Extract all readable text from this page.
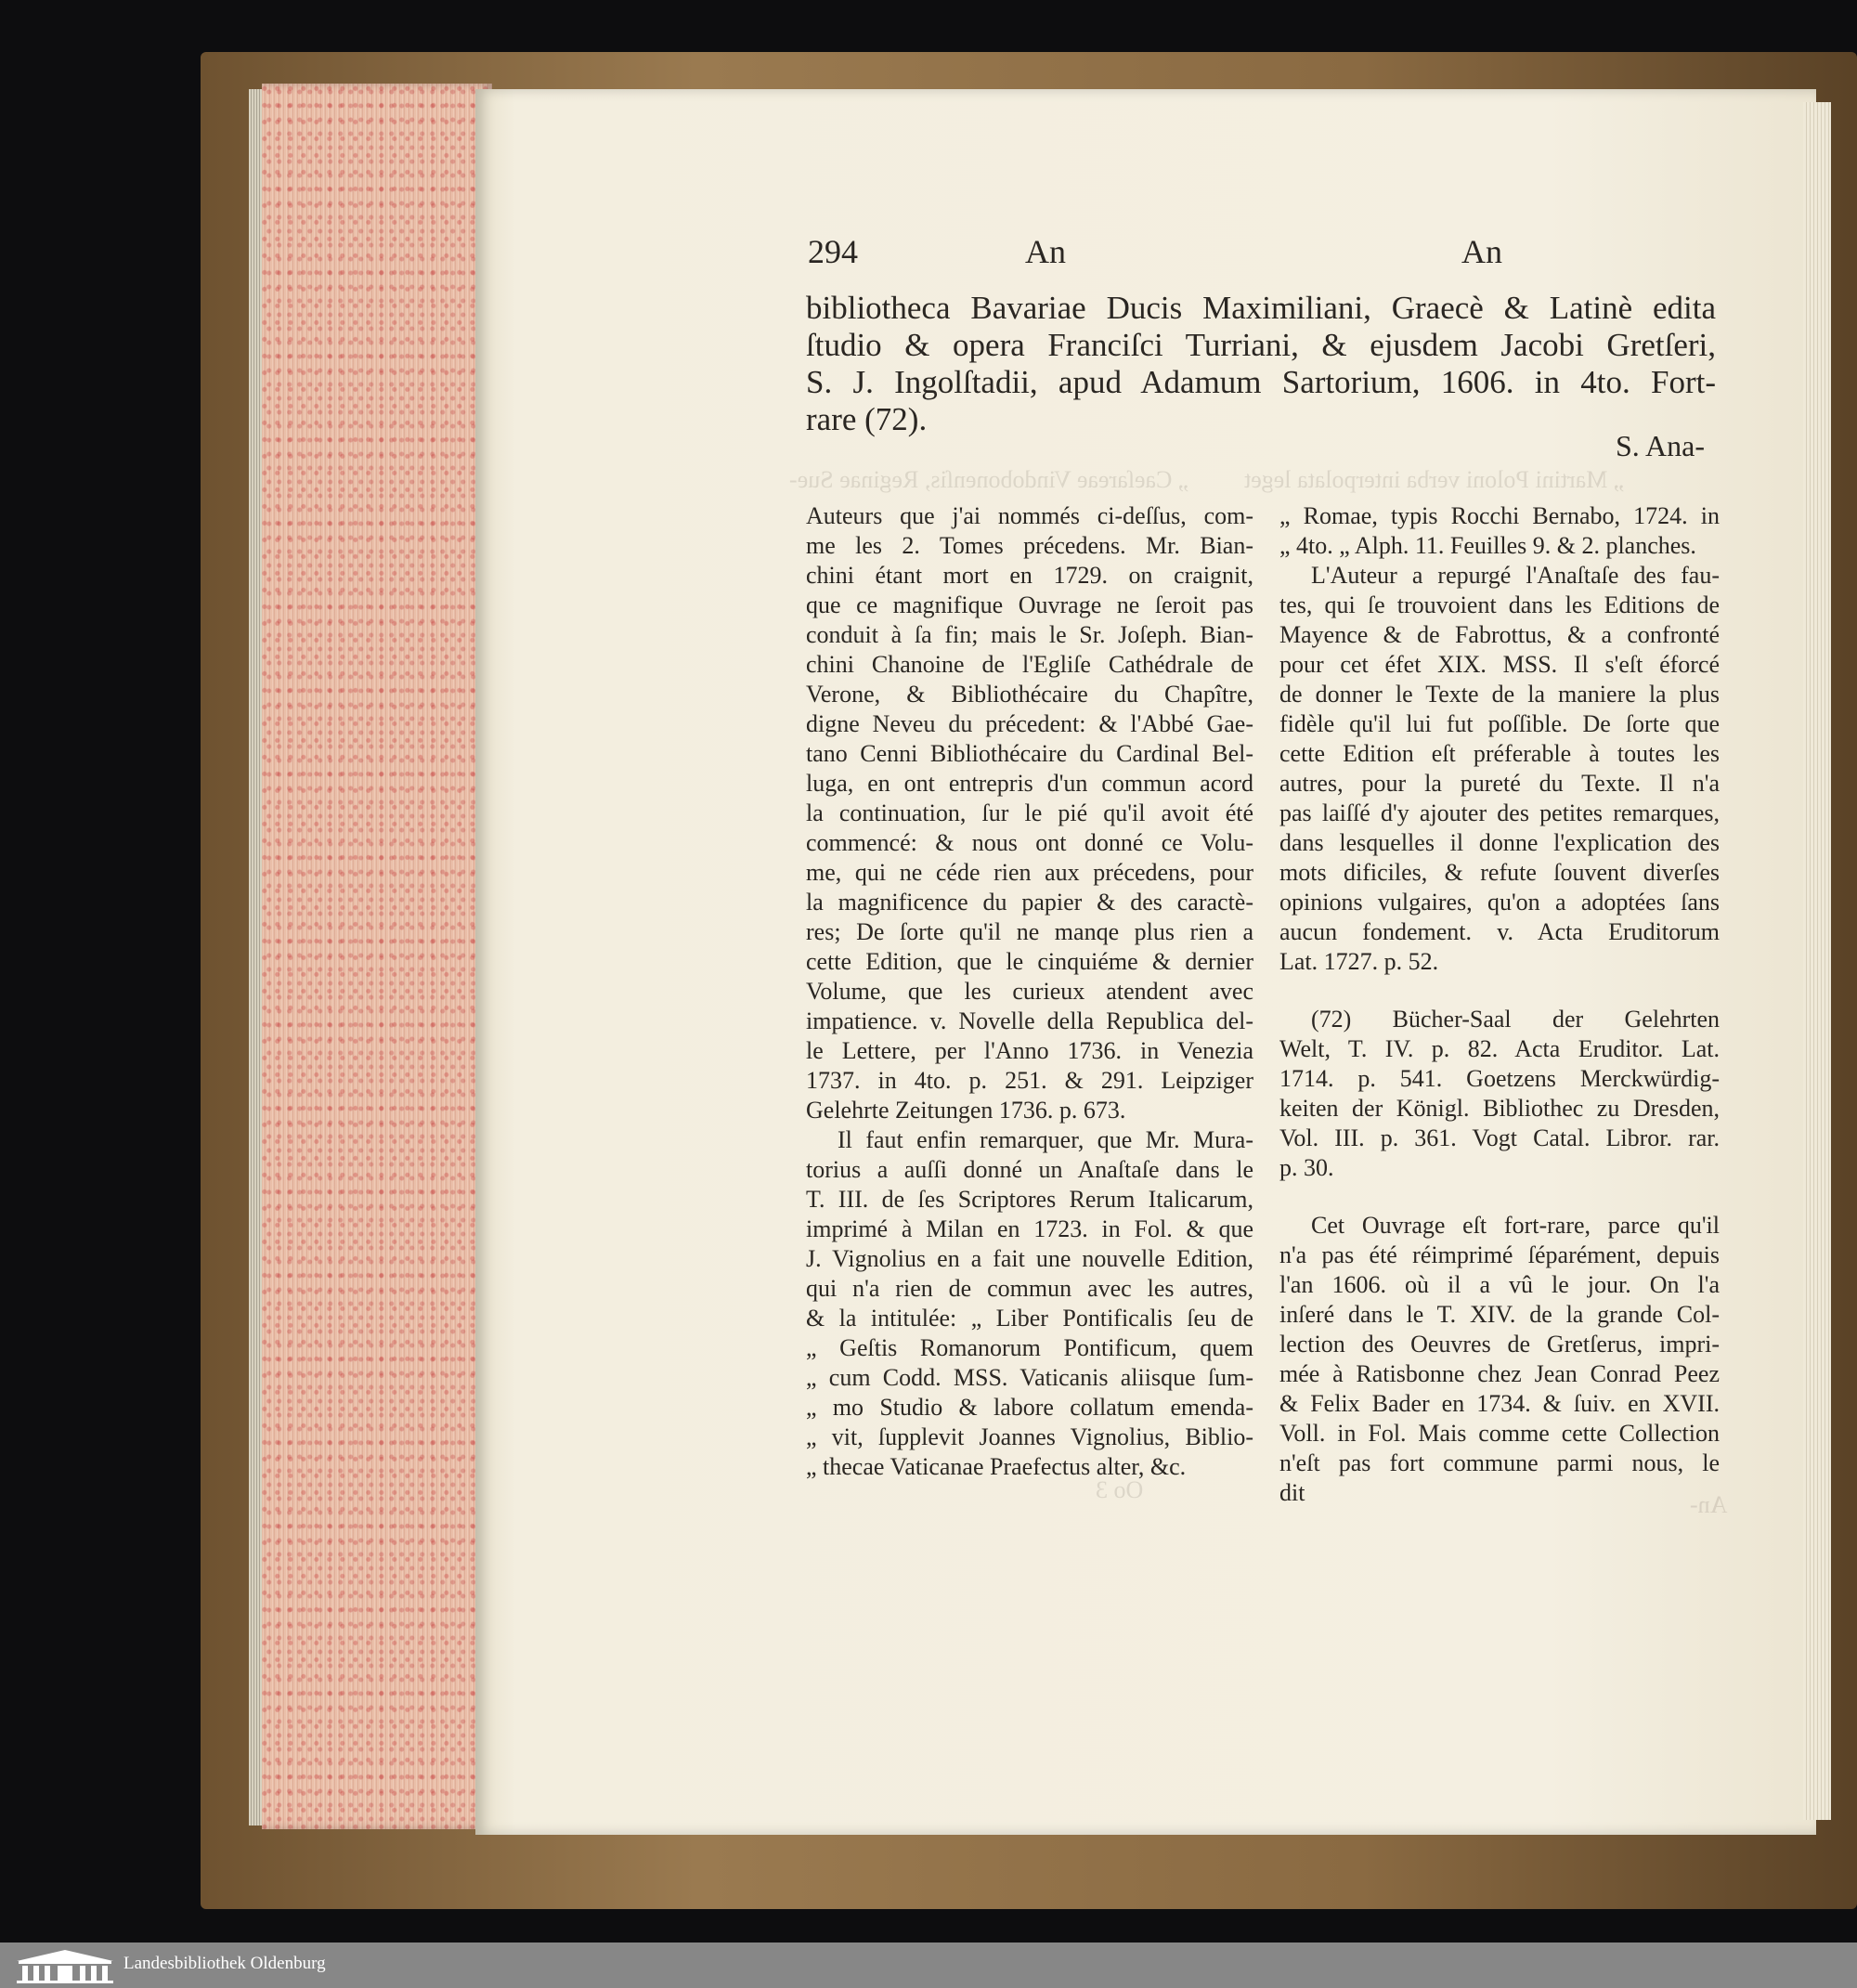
„ Martini Poloni verba interpolata leget
„ Caeſareae Vindobonenſis, Reginae Sue-
Oo 3
An-
294	An	An
bibliotheca Bavariae Ducis Maximiliani, Graecè & Latinè edita
ſtudio & opera Franciſci Turriani, & ejusdem Jacobi Gretſeri,
S. J. Ingolſtadii, apud Adamum Sartorium, 1606. in 4to. Fort-
rare (72).
S. Ana-

Auteurs que j'ai nommés ci-deſſus, com-

me les 2. Tomes précedens. Mr. Bian-

chini étant mort en 1729. on craignit,

que ce magnifique Ouvrage ne ſeroit pas

conduit à ſa fin; mais le Sr. Joſeph. Bian-

chini Chanoine de l'Egliſe Cathédrale de

Verone, & Bibliothécaire du Chapître,

digne Neveu du précedent: & l'Abbé Gae-

tano Cenni Bibliothécaire du Cardinal Bel-

luga, en ont entrepris d'un commun acord

la continuation, ſur le pié qu'il avoit été

commencé: & nous ont donné ce Volu-

me, qui ne céde rien aux précedens, pour

la magnificence du papier & des caractè-

res; De ſorte qu'il ne manqe plus rien a

cette Edition, que le cinquiéme & dernier

Volume, que les curieux atendent avec

impatience. v. Novelle della Republica del-

le Lettere, per l'Anno 1736. in Venezia

1737. in 4to. p. 251. & 291. Leipziger

Gelehrte Zeitungen 1736. p. 673.

Il faut enfin remarquer, que Mr. Mura-

torius a auſſi donné un Anaſtaſe dans le

T. III. de ſes Scriptores Rerum Italicarum,

imprimé à Milan en 1723. in Fol. & que

J. Vignolius en a fait une nouvelle Edition,

qui n'a rien de commun avec les autres,

& la intitulée: „ Liber Pontificalis ſeu de

„ Geſtis Romanorum Pontificum, quem

„ cum Codd. MSS. Vaticanis aliisque ſum-

„ mo Studio & labore collatum emenda-

„ vit, ſupplevit Joannes Vignolius, Biblio-

„ thecae Vaticanae Praefectus alter, &c.

„ Romae, typis Rocchi Bernabo, 1724. in

„ 4to. „ Alph. 11. Feuilles 9. & 2. planches.

L'Auteur a repurgé l'Anaſtaſe des fau-

tes, qui ſe trouvoient dans les Editions de

Mayence & de Fabrottus, & a confronté

pour cet éfet XIX. MSS. Il s'eſt éforcé

de donner le Texte de la maniere la plus

fidèle qu'il lui fut poſſible. De ſorte que

cette Edition eſt préferable à toutes les

autres, pour la pureté du Texte. Il n'a

pas laiſſé d'y ajouter des petites remarques,

dans lesquelles il donne l'explication des

mots dificiles, & refute ſouvent diverſes

opinions vulgaires, qu'on a adoptées ſans

aucun fondement. v. Acta Eruditorum

Lat. 1727. p. 52.

(72) Bücher-Saal der Gelehrten

Welt, T. IV. p. 82. Acta Eruditor. Lat.

1714. p. 541. Goetzens Merckwürdig-

keiten der Königl. Bibliothec zu Dresden,

Vol. III. p. 361. Vogt Catal. Libror. rar.

p. 30.

Cet Ouvrage eſt fort-rare, parce qu'il

n'a pas été réimprimé ſéparément, depuis

l'an 1606. où il a vû le jour. On l'a

inſeré dans le T. XIV. de la grande Col-

lection des Oeuvres de Gretſerus, impri-

mée à Ratisbonne chez Jean Conrad Peez

& Felix Bader en 1734. & ſuiv. en XVII.

Voll. in Fol. Mais comme cette Collection

n'eſt pas fort commune parmi nous, le

dit

Landesbibliothek Oldenburg
